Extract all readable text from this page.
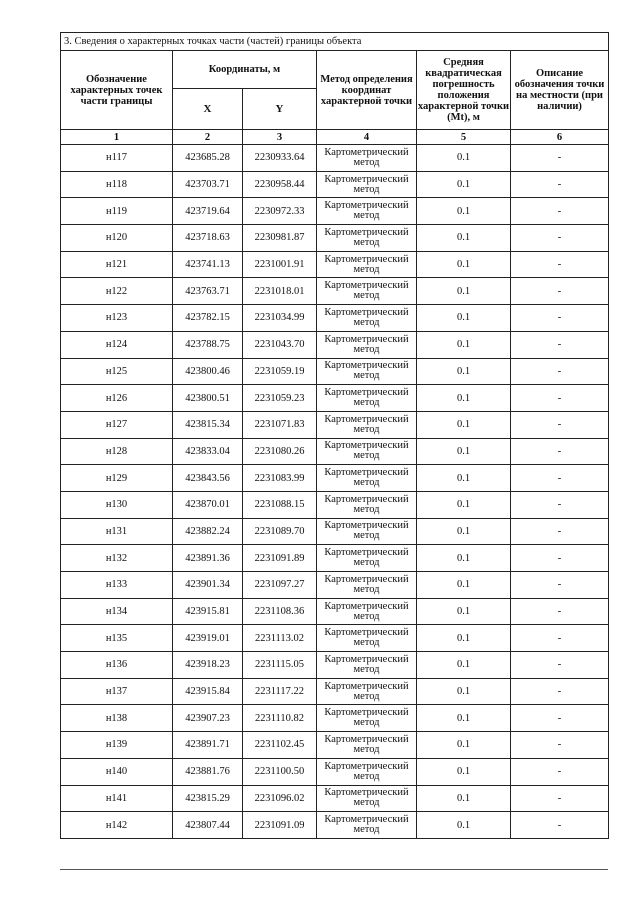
3. Сведения о характерных точках части (частей) границы объекта					
Обозначение характерных точек части границы	Координаты, м		Метод определения координат характерной точки	Средняя квадратическая погрешность положения характерной точки (Mt), м	Описание обозначения точки на местности (при наличии)
	X	Y			
1	2	3	4	5	6
н117	423685.28	2230933.64	Картометрический метод	0.1	-
н118	423703.71	2230958.44	Картометрический метод	0.1	-
н119	423719.64	2230972.33	Картометрический метод	0.1	-
н120	423718.63	2230981.87	Картометрический метод	0.1	-
н121	423741.13	2231001.91	Картометрический метод	0.1	-
н122	423763.71	2231018.01	Картометрический метод	0.1	-
н123	423782.15	2231034.99	Картометрический метод	0.1	-
н124	423788.75	2231043.70	Картометрический метод	0.1	-
н125	423800.46	2231059.19	Картометрический метод	0.1	-
н126	423800.51	2231059.23	Картометрический метод	0.1	-
н127	423815.34	2231071.83	Картометрический метод	0.1	-
н128	423833.04	2231080.26	Картометрический метод	0.1	-
н129	423843.56	2231083.99	Картометрический метод	0.1	-
н130	423870.01	2231088.15	Картометрический метод	0.1	-
н131	423882.24	2231089.70	Картометрический метод	0.1	-
н132	423891.36	2231091.89	Картометрический метод	0.1	-
н133	423901.34	2231097.27	Картометрический метод	0.1	-
н134	423915.81	2231108.36	Картометрический метод	0.1	-
н135	423919.01	2231113.02	Картометрический метод	0.1	-
н136	423918.23	2231115.05	Картометрический метод	0.1	-
н137	423915.84	2231117.22	Картометрический метод	0.1	-
н138	423907.23	2231110.82	Картометрический метод	0.1	-
н139	423891.71	2231102.45	Картометрический метод	0.1	-
н140	423881.76	2231100.50	Картометрический метод	0.1	-
н141	423815.29	2231096.02	Картометрический метод	0.1	-
н142	423807.44	2231091.09	Картометрический метод	0.1	-
